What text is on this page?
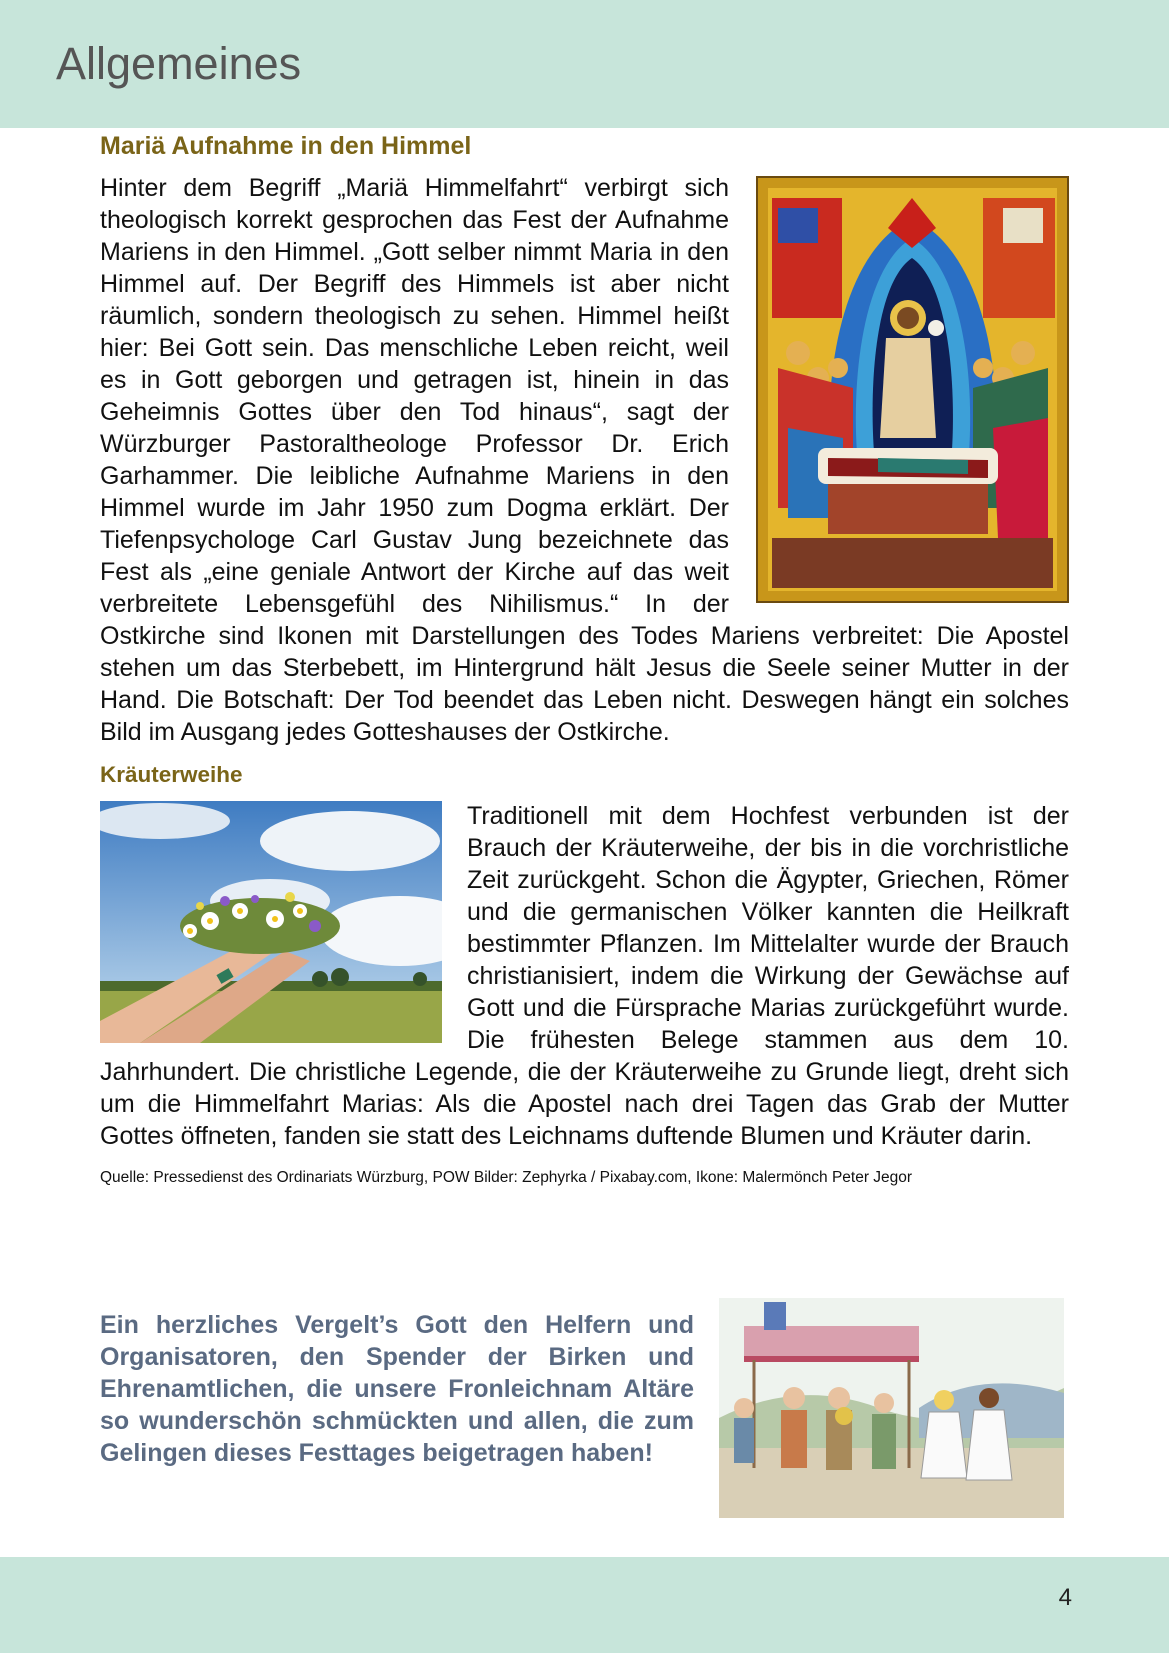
Allgemeines
Mariä Aufnahme in den Himmel

Hinter dem Begriff „Mariä Himmelfahrt“ verbirgt sich theologisch korrekt gesprochen das Fest der Aufnahme Mariens in den Himmel. „Gott selber nimmt Maria in den Himmel auf. Der Begriff des Himmels ist aber nicht räumlich, sondern theologisch zu sehen. Himmel heißt hier: Bei Gott sein. Das menschliche Leben reicht, weil es in Gott geborgen und getragen ist, hinein in das Geheimnis Gottes über den Tod hinaus“, sagt der Würzburger Pastoraltheologe Professor Dr. Erich Garhammer. Die leibliche Aufnahme Mariens in den Himmel wurde im Jahr 1950 zum Dogma erklärt. Der Tiefenpsychologe Carl Gustav Jung bezeichnete das Fest als „eine geniale Antwort der Kirche auf das weit verbreitete Lebensgefühl des Nihilismus.“ In der Ostkirche sind Ikonen mit Darstellungen des Todes Mariens verbreitet: Die Apostel stehen um das Sterbebett, im Hintergrund hält Jesus die Seele seiner Mutter in der Hand. Die Botschaft: Der Tod beendet das Leben nicht. Deswegen hängt ein solches Bild im Ausgang jedes Gotteshauses der Ostkirche.

Kräuterweihe

Traditionell mit dem Hochfest verbunden ist der Brauch der Kräuterweihe, der bis in die vorchristliche Zeit zurückgeht. Schon die Ägypter, Griechen, Römer und die germanischen Völker kannten die Heilkraft bestimmter Pflanzen. Im Mittelalter wurde der Brauch christianisiert, indem die Wirkung der Gewächse auf Gott und die Fürsprache Marias zurückgeführt wurde. Die frühesten Belege stammen aus dem 10. Jahrhundert. Die christliche Legende, die der Kräuterweihe zu Grunde liegt, dreht sich um die Himmelfahrt Marias: Als die Apostel nach drei Tagen das Grab der Mutter Gottes öffneten, fanden sie statt des Leichnams duftende Blumen und Kräuter darin.

Quelle: Pressedienst des Ordinariats Würzburg, POW Bilder: Zephyrka / Pixabay.com, Ikone: Malermönch Peter Jegor

Ein herzliches Vergelt’s Gott den Helfern und Organisatoren, den Spender der Birken und Ehrenamtlichen, die unsere Fronleichnam Altäre so wunderschön schmückten und allen, die zum Gelingen dieses Festtages beigetragen haben!

4
